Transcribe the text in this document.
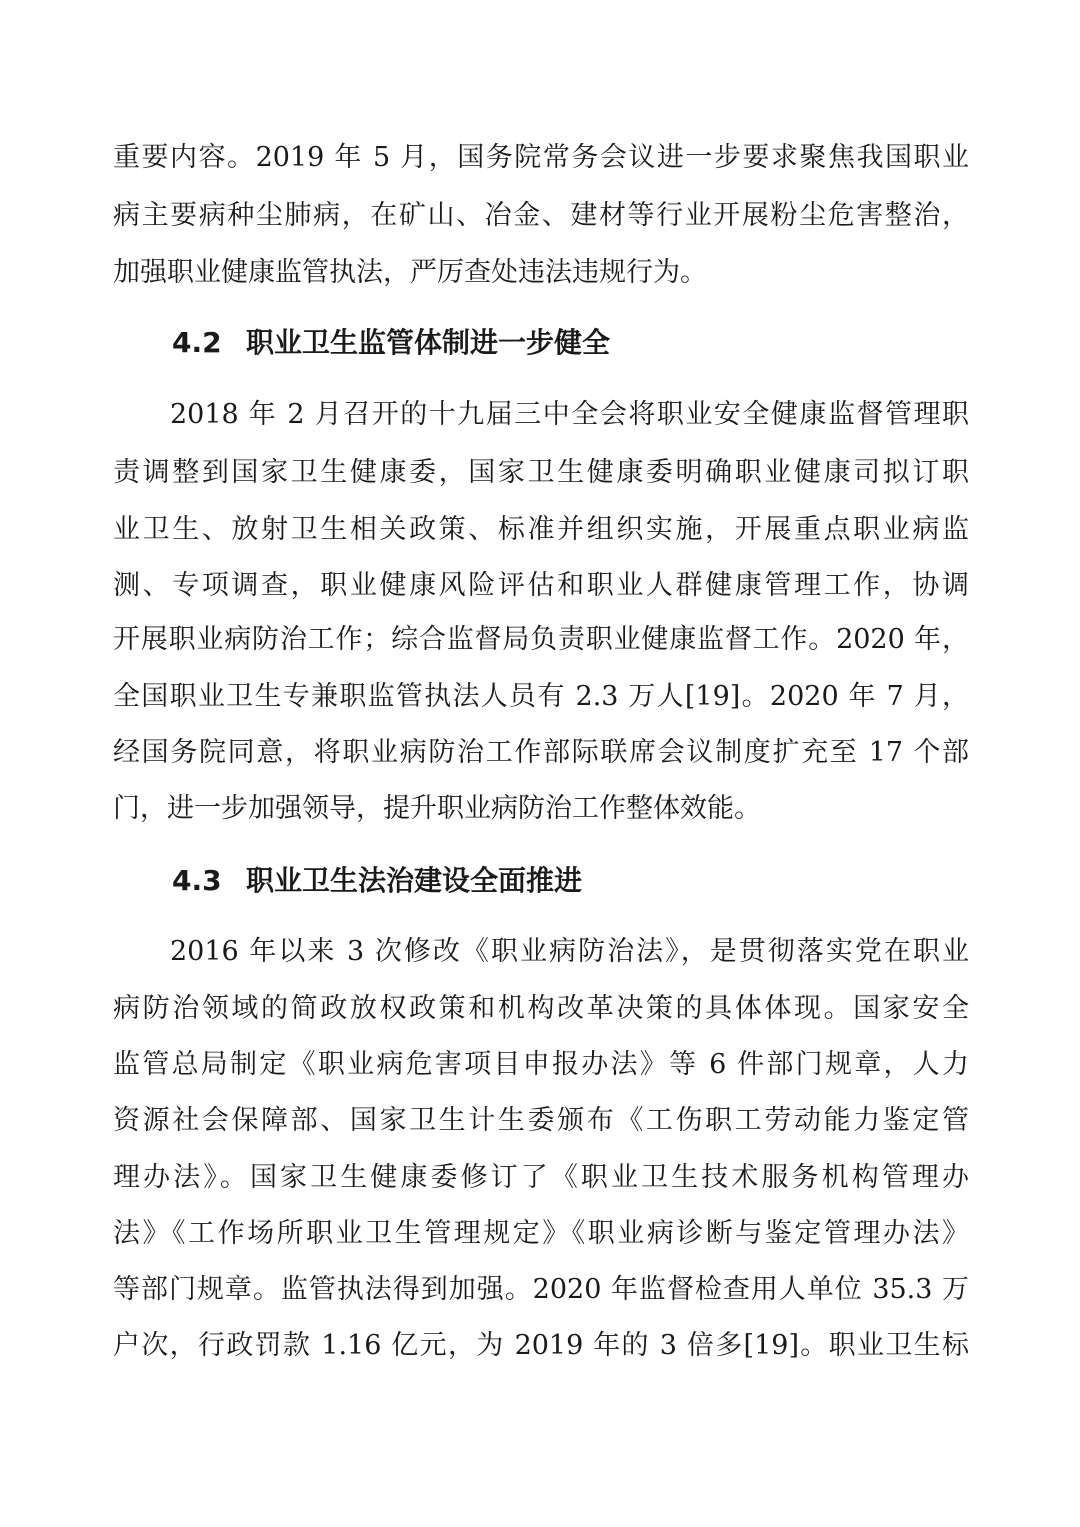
重要内容。2019 年 5 月，国务院常务会议进一步要求聚焦我国职业
病主要病种尘肺病，在矿山、冶金、建材等行业开展粉尘危害整治，
加强职业健康监管执法，严厉查处违法违规行为。
4.2 职业卫生监管体制进一步健全
2018 年 2 月召开的十九届三中全会将职业安全健康监督管理职
责调整到国家卫生健康委，国家卫生健康委明确职业健康司拟订职
业卫生、放射卫生相关政策、标准并组织实施，开展重点职业病监
测、专项调查，职业健康风险评估和职业人群健康管理工作，协调
开展职业病防治工作；综合监督局负责职业健康监督工作。2020 年，
全国职业卫生专兼职监管执法人员有 2.3 万人[19]。2020 年 7 月，
经国务院同意，将职业病防治工作部际联席会议制度扩充至 17 个部
门，进一步加强领导，提升职业病防治工作整体效能。
4.3 职业卫生法治建设全面推进
2016 年以来 3 次修改《职业病防治法》，是贯彻落实党在职业
病防治领域的简政放权政策和机构改革决策的具体体现。国家安全
监管总局制定《职业病危害项目申报办法》等 6 件部门规章，人力
资源社会保障部、国家卫生计生委颁布《工伤职工劳动能力鉴定管
理办法》。国家卫生健康委修订了《职业卫生技术服务机构管理办
法》《工作场所职业卫生管理规定》《职业病诊断与鉴定管理办法》
等部门规章。监管执法得到加强。2020 年监督检查用人单位 35.3 万
户次，行政罚款 1.16 亿元，为 2019 年的 3 倍多[19]。职业卫生标
